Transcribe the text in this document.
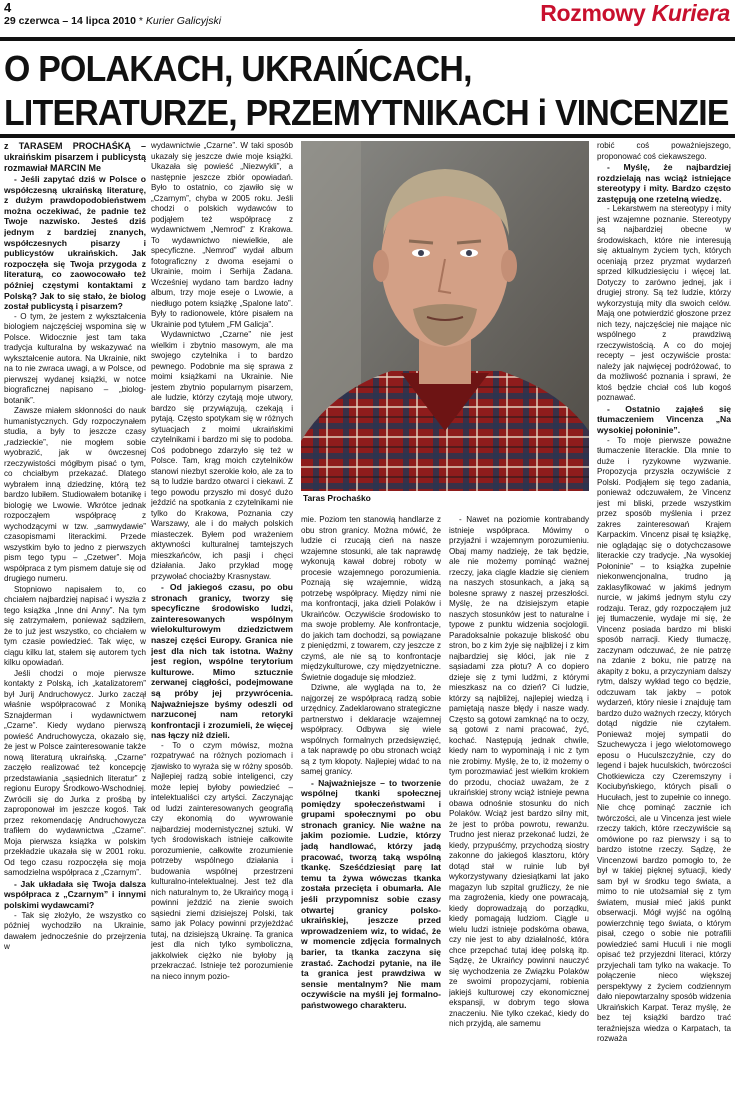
4
29 czerwca – 14 lipca 2010 * Kurier Galicyjski	Rozmowy Kuriera
O POLAKACH, UKRAIŃCACH,
LITERATURZE, PRZEMYTNIKACH i VINCENZIE

z TARASEM PROCHAŚKĄ – ukraińskim pisarzem i publicystą rozmawiał MARCIN Me

- Jeśli zapytać dziś w Polsce o współczesną ukraińską literaturę, z dużym prawdopodobieństwem można oczekiwać, że padnie też Twoje nazwisko. Jesteś dziś jednym z bardziej znanych, współczesnych pisarzy i publicystów ukraińskich. Jak rozpoczęła się Twoja przygoda z literaturą, co zaowocowało też później częstymi kontaktami z Polską? Jak to się stało, że biolog został publicystą i pisarzem?

- O tym, że jestem z wykształcenia biologiem najczęściej wspomina się w Polsce. Widocznie jest tam taka tradycja kulturalna by wskazywać na wykształcenie autora. Na Ukrainie, nikt na to nie zwraca uwagi, a w Polsce, od pierwszej wydanej książki, w notce biograficznej napisano – „biolog-botanik”.

Zawsze miałem skłonności do nauk humanistycznych. Gdy rozpoczynałem studia, a były to jeszcze czasy „radzieckie”, nie mogłem sobie wyobrazić, jak w ówczesnej rzeczywistości mógłbym pisać o tym, co chciałbym przekazać. Dlatego wybrałem inną dziedzinę, którą też bardzo lubiłem. Studiowałem botanikę i biologię we Lwowie. Wkrótce jednak rozpocząłem współpracę z wychodzącymi w tzw. „samwydawie” czasopismami literackimi. Przede wszystkim było to jedno z pierwszych pism tego typu – „Czetwer”. Moja współpraca z tym pismem datuje się od drugiego numeru.

Stopniowo napisałem to, co chciałem najbardziej napisać i wyszła z tego książka „Inne dni Anny”. Na tym się zatrzymałem, ponieważ sądziłem, że to już jest wszystko, co chciałem w tym czasie powiedzieć. Tak więc, w ciągu kilku lat, stałem się autorem tych kilku opowiadań.

Jeśli chodzi o moje pierwsze kontakty z Polską, ich „katalizatorem” był Jurij Andruchowycz. Jurko zaczął właśnie współpracować z Moniką Sznajderman i wydawnictwem „Czarne”. Kiedy wydano pierwszą powieść Andruchowycza, okazało się, że jest w Polsce zainteresowanie także nową literaturą ukraińską. „Czarne” zaczęło realizować też koncepcję przedstawiania „sąsiednich literatur” z regionu Europy Środkowo-Wschodniej. Zwrócili się do Jurka z prośbą by zaproponował im jeszcze kogoś. Tak przez rekomendację Andruchowycza trafiłem do wydawnictwa „Czarne”. Moja pierwsza książka w polskim przekładzie ukazała się w 2001 roku. Od tego czasu rozpoczęła się moja samodzielna współpraca z „Czarnym”.

- Jak układała się Twoja dalsza współpraca z „Czarnym” i innymi polskimi wydawcami?

- Tak się złożyło, że wszystko co później wychodziło na Ukrainie, dawałem jednocześnie do przejrzenia w

wydawnictwie „Czarne”. W taki sposób ukazały się jeszcze dwie moje książki. Ukazała się powieść „Niezwykli”, a następnie jeszcze zbiór opowiadań. Było to ostatnio, co zjawiło się w „Czarnym”, chyba w 2005 roku. Jeśli chodzi o polskich wydawców to podjąłem też współpracę z wydawnictwem „Nemrod” z Krakowa. To wydawnictwo niewielkie, ale specyficzne. „Nemrod” wydał album fotograficzny z dwoma esejami o Ukrainie, moim i Serhija Żadana. Wcześniej wydano tam bardzo ładny album, trzy moje eseje o Lwowie, a niedługo potem książkę „Spalone lato”. Były to radionowele, które pisałem na Ukrainie pod tytułem „FM Galicja”.

Wydawnictwo „Czarne” nie jest wielkim i zbytnio masowym, ale ma swojego czytelnika i to bardzo pewnego. Podobnie ma się sprawa z moimi książkami na Ukrainie. Nie jestem zbytnio popularnym pisarzem, ale ludzie, którzy czytają moje utwory, bardzo się przywiązują, czekają i pytają. Często spotykam się w różnych sytuacjach z moimi ukraińskimi czytelnikami i bardzo mi się to podoba. Coś podobnego zdarzyło się też w Polsce. Tam, krąg moich czytelników stanowi niezbyt szerokie koło, ale za to są to ludzie bardzo otwarci i ciekawi. Z tego powodu przyszło mi dosyć dużo jeździć na spotkania z czytelnikami nie tylko do Krakowa, Poznania czy Warszawy, ale i do małych polskich miasteczek. Byłem pod wrażeniem aktywności kulturalnej tamtejszych mieszkańców, ich pasji i chęci działania. Jako przykład mogę przywołać chociażby Krasnystaw.

- Od jakiegoś czasu, po obu stronach granicy, tworzy się specyficzne środowisko ludzi, zainteresowanych wspólnym wielokulturowym dziedzictwem naszej części Europy. Granica nie jest dla nich tak istotna. Ważny jest region, wspólne terytorium kulturowe. Mimo sztucznie zerwanej ciągłości, podejmowane są próby jej przywrócenia. Najważniejsze byśmy odeszli od narzuconej nam retoryki konfrontacji i zrozumieli, że więcej nas łączy niż dzieli.

- To o czym mówisz, można rozpatrywać na różnych poziomach i zjawisko to wyraża się w różny sposób. Najlepiej radzą sobie inteligenci, czy może lepiej byłoby powiedzieć – intelektualiści czy artyści. Zaczynając od ludzi zainteresowanych geografią czy ekonomią do wywrowanie najbardziej modernistycznej sztuki. W tych środowiskach istnieje całkowite porozumienie, całkowite zrozumienie potrzeby wspólnego działania i budowania wspólnej przestrzeni kulturalno-intelektualnej. Jest też dla nich naturalnym to, że Ukraińcy mogą i powinni jeździć na zienie swoich sąsiedni ziemi dzisiejszej Polski, tak samo jak Polacy powinni przyjeżdżać tutaj, na dzisiejszą Ukrainę. Ta granica jest dla nich tylko symboliczna, jakkolwiek ciężko nie byłoby ją przekraczać. Istnieje też porozumienie na nieco innym pozio-

Taras Prochaśko

mie. Poziom ten stanowią handlarze z obu stron granicy. Można mówić, że ludzie ci rzucają cień na nasze wzajemne stosunki, ale tak naprawdę wykonują kawał dobrej roboty w procesie wzajemnego porozumienia. Poznają się wzajemnie, widzą potrzebę współpracy. Między nimi nie ma konfrontacji, jaka dzieli Polaków i Ukraińców. Oczywiście środowisko to ma swoje problemy. Ale konfrontacje, do jakich tam dochodzi, są powiązane z pieniędzmi, z towarem, czy jeszcze z czymś, ale nie są to konfrontacje międzykulturowe, czy międzyetniczne. Świetnie dogaduje się młodzież.

Dziwne, ale wygląda na to, że najgorzej ze współpracą radzą sobie urzędnicy. Zadeklarowano strategiczne partnerstwo i deklaracje wzajemnej współpracy. Odbywa się wiele wspólnych formalnych przedsięwzięć, a tak naprawdę po obu stronach wciąż są z tym kłopoty. Najlepiej widać to na samej granicy.

- Najważniejsze – to tworzenie wspólnej tkanki społecznej pomiędzy społeczeństwami i grupami społecznymi po obu stronach granicy. Nie ważne na jakim poziomie. Ludzie, którzy jadą handlować, którzy jadą pracować, tworzą taką wspólną tkankę. Sześćdziesiąt parę lat temu ta żywa wówczas tkanka została przecięta i obumarła. Ale jeśli przypomnisz sobie czasy otwartej granicy polsko-ukraińskiej, jeszcze przed wprowadzeniem wiz, to widać, że w momencie zdjęcia formalnych barier, ta tkanka zaczyna się zrastać. Zachodzi pytanie, na ile ta granica jest prawdziwa w sensie mentalnym? Nie mam oczywiście na myśli jej formalno-państwowego charakteru.

- Nawet na poziomie kontrabandy istnieje współpraca. Mówimy o przyjaźni i wzajemnym porozumieniu. Obaj mamy nadzieję, że tak będzie, ale nie możemy pominąć ważnej rzeczy, jaka ciągle kładzie się cieniem na naszych stosunkach, a jaką są bolesne sprawy z naszej przeszłości. Myślę, że na dzisiejszym etapie naszych stosunków jest to naturalne i typowe z punktu widzenia socjologii. Paradoksalnie pokazuje bliskość obu stron, bo z kim żyje się najbliżej i z kim najbardziej się kłóci, jak nie z sąsiadami zza płotu? A co dopiero dzieje się z tymi ludźmi, z którymi mieszkasz na co dzień? Ci ludzie, którzy są najbliżej, najlepiej wiedzą i pamiętają nasze błędy i nasze wady. Często są gotowi zamknąć na to oczy, są gotowi z nami pracować, żyć, kochać. Następują jednak chwile, kiedy nam to wypominają i nic z tym nie zrobimy. Myślę, że to, iż możemy o tym porozmawiać jest wielkim krokiem do przodu, chociaż uważam, że z ukraińskiej strony wciąż istnieje pewna obawa odnośnie stosunku do nich Polaków. Wciąż jest bardzo silny mit, że jest to próba powrotu, rewanżu. Trudno jest nieraz przekonać ludzi, że kiedy, przypuśćmy, przychodzą siostry zakonne do jakiegoś klasztoru, który dotąd stał w ruinie lub był wykorzystywany dziesiątkami lat jako magazyn lub szpital gruźliczy, że nie ma zagrożenia, kiedy one powracają, kiedy doprowadzają do porządku, kiedy pomagają ludziom. Ciągle u wielu ludzi istnieje podskórna obawa, czy nie jest to aby działalność, która chce przepchać tutaj ideę polską itp. Sądzę, że Ukraińcy powinni nauczyć się wychodzenia ze Związku Polaków ze swoimi propozycjami, robienia jakiejś kulturowej czy ekonomicznej ekspansji, w dobrym tego słowa znaczeniu. Nie tylko czekać, kiedy do nich przyjdą, ale samemu

robić coś poważniejszego, proponować coś ciekawszego.

- Myślę, że najbardziej rozdzielają nas wciąż istniejące stereotypy i mity. Bardzo często zastępują one rzetelną wiedzę.

- Lekarstwem na stereotypy i mity jest wzajemne poznanie. Stereotypy są najbardziej obecne w środowiskach, które nie interesują się aktualnym życiem tych, których oceniają przez pryzmat wydarzeń sprzed kilkudziesięciu i więcej lat. Dotyczy to zarówno jednej, jak i drugiej strony. Są też ludzie, którzy wykorzystują mity dla swoich celów. Mają one potwierdzić głoszone przez nich tezy, najczęściej nie mające nic wspólnego z prawdziwą rzeczywistością. A co do mojej recepty – jest oczywiście prosta: należy jak najwięcej podróżować, to da możliwość poznania i sprawi, że ktoś będzie chciał coś lub kogoś poznawać.

- Ostatnio zająłeś się tłumaczeniem Vincenza „Na wysokiej połoninie”.

- To moje pierwsze poważne tłumaczenie literackie. Dla mnie to duże i ryzykowne wyzwanie. Propozycja przyszła oczywiście z Polski. Podjąłem się tego zadania, ponieważ odczuwałem, że Vincenz jest mi bliski, przede wszystkim przez sposób myślenia i przez zakres zainteresowań Krajem Karpackim. Vincenz pisał tę książkę, nie oglądając się o dotychczasowe literackie czy tradycje. „Na wysokiej Połoninie” – to książka zupełnie niekonwencjonalna, trudno ją zaklasyfikować w jakimś jednym nurcie, w jakimś jednym stylu czy rodzaju. Teraz, gdy rozpocząłem już jej tłumaczenie, wydaje mi się, że Vincenz posiada bardzo mi bliski sposób narracji. Kiedy tłumaczę, zaczynam odczuwać, że nie patrzę na zdanie z boku, nie patrzę na akapity z boku, a przyczyniam dalszy rytm, dalszy wykład tego co będzie, odczuwam tak jakby – potok wydarzeń, który niesie i znajduję tam bardzo dużo ważnych rzeczy, których dotąd nigdzie nie czytałem. Ponieważ mojej sympatii do Szuchewycza i jego wielotomowego eposu o Huculszczyźnie, czy do legend i bajek huculskich, twórczości Chotkiewicza czy Czeremszyny i Kociubyńskiego, których pisali o Hucułach, jest to zupełnie co innego. Nie chcę pominąć zacznie ich twórczości, ale u Vincenza jest wiele rzeczy takich, które rzeczywiście są omówione po raz pierwszy i są to bardzo istotne rzeczy. Sądzę, że Vincenzowi bardzo pomogło to, że był w takiej pięknej sytuacji, kiedy sam był w środku tego świata, a mimo to nie utożsamiał się z tym światem, musiał mieć jakiś punkt obserwacji. Mógł wyjść na ogólną powierzchnię tego świata, o którym pisał, czego o sobie nie potrafili powiedzieć sami Huculi i nie mogli opisać też przyjezdni literaci, którzy przyjechali tam tylko na wakacje. To połączenie nieco większej perspektywy z życiem codziennym dało niepowtarzalny sposób widzenia Ukraińskich Karpat. Teraz myślę, że bez tej książki bardzo trać teraźniejsza wiedza o Karpatach, ta rozważa
